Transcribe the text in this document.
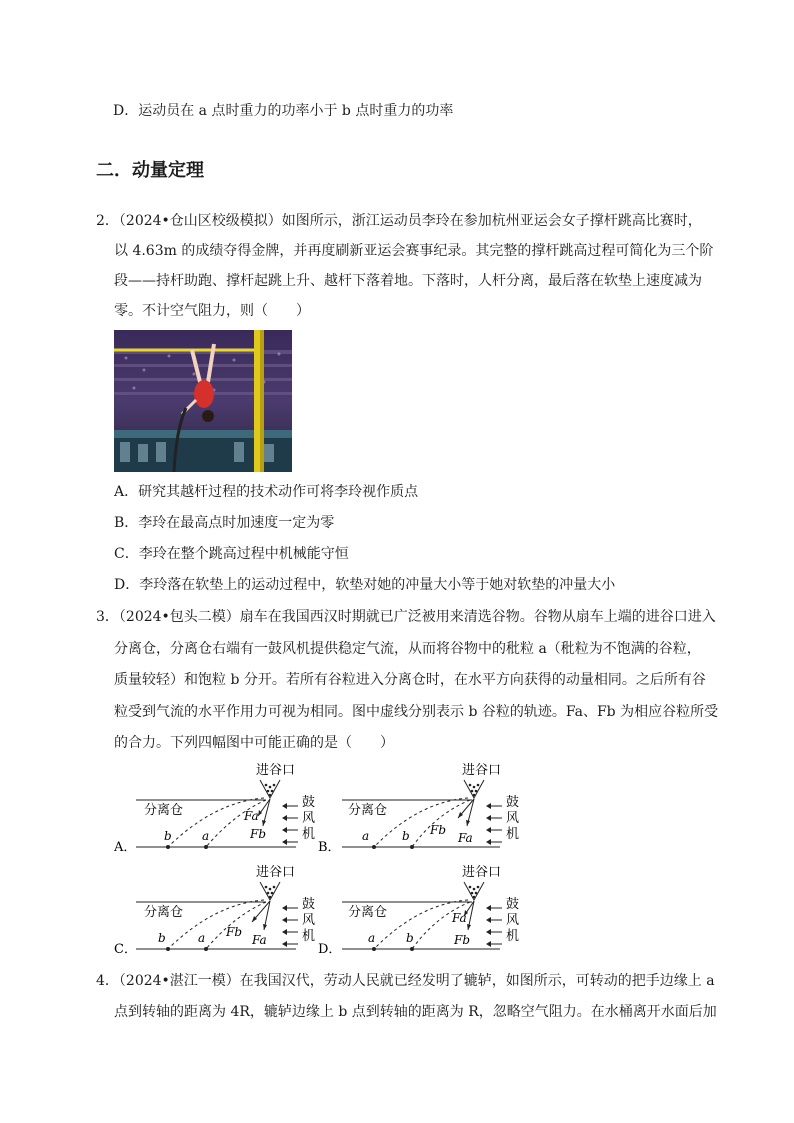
D．运动员在 a 点时重力的功率小于 b 点时重力的功率
二．动量定理
2．（2024•仓山区校级模拟）如图所示，浙江运动员李玲在参加杭州亚运会女子撑杆跳高比赛时，
以 4.63m 的成绩夺得金牌，并再度刷新亚运会赛事纪录。其完整的撑杆跳高过程可简化为三个阶
段——持杆助跑、撑杆起跳上升、越杆下落着地。下落时，人杆分离，最后落在软垫上速度减为
零。不计空气阻力，则（　　）
A．研究其越杆过程的技术动作可将李玲视作质点
B．李玲在最高点时加速度一定为零
C．李玲在整个跳高过程中机械能守恒
D．李玲落在软垫上的运动过程中，软垫对她的冲量大小等于她对软垫的冲量大小
3．（2024•包头二模）扇车在我国西汉时期就已广泛被用来清选谷物。谷物从扇车上端的进谷口进入
分离仓，分离仓右端有一鼓风机提供稳定气流，从而将谷物中的秕粒 a（秕粒为不饱满的谷粒，
质量较轻）和饱粒 b 分开。若所有谷粒进入分离仓时，在水平方向获得的动量相同。之后所有谷
粒受到气流的水平作用力可视为相同。图中虚线分别表示 b 谷粒的轨迹。Fa、Fb 为相应谷粒所受
的合力。下列四幅图中可能正确的是（　　）
进谷口
分离仓
鼓
风
机
b	a
Fa
Fb
A．
进谷口
分离仓
鼓
风
机
a	b Fb
Fa
B．
进谷口
分离仓
鼓
风
机
b	a Fb
Fa
C．
进谷口
分离仓
鼓
风
机
a	b
Fa
Fb
D．
4．（2024•湛江一模）在我国汉代，劳动人民就已经发明了辘轳，如图所示，可转动的把手边缘上 a
点到转轴的距离为 4R，辘轳边缘上 b 点到转轴的距离为 R，忽略空气阻力。在水桶离开水面后加
